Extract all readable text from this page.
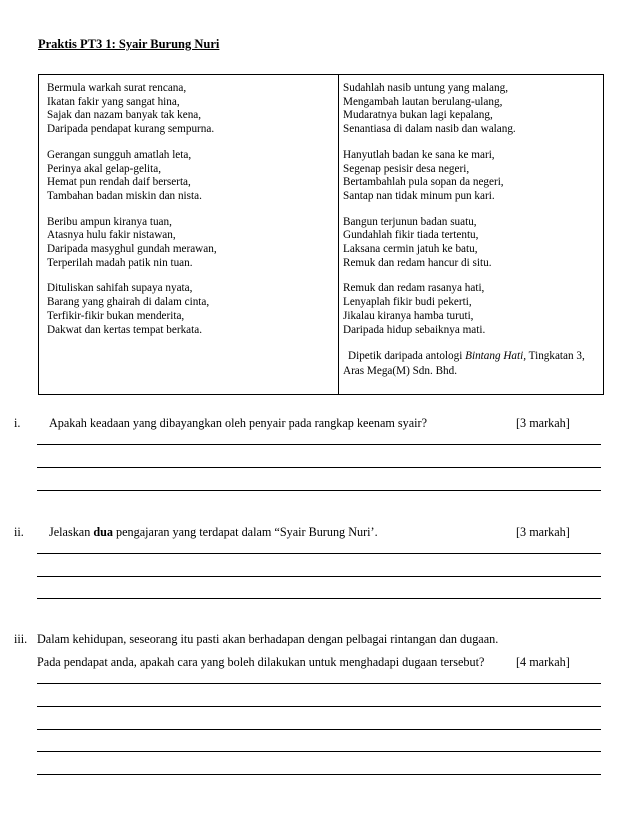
Praktis PT3 1: Syair Burung Nuri
Bermula warkah surat rencana,
Ikatan fakir yang sangat hina,
Sajak dan nazam banyak tak kena,
Daripada pendapat kurang sempurna.
Gerangan sungguh amatlah leta,
Perinya akal gelap-gelita,
Hemat pun rendah daif berserta,
Tambahan badan miskin dan nista.
Beribu ampun kiranya tuan,
Atasnya hulu fakir nistawan,
Daripada masyghul gundah merawan,
Terperilah madah patik nin tuan.
Dituliskan sahifah supaya nyata,
Barang yang ghairah di dalam cinta,
Terfikir-fikir bukan menderita,
Dakwat dan kertas tempat berkata.
Sudahlah nasib untung yang malang,
Mengambah lautan berulang-ulang,
Mudaratnya bukan lagi kepalang,
Senantiasa di dalam nasib dan walang.
Hanyutlah badan ke sana ke mari,
Segenap pesisir desa negeri,
Bertambahlah pula sopan da negeri,
Santap nan tidak minum pun kari.
Bangun terjunun badan suatu,
Gundahlah fikir tiada tertentu,
Laksana cermin jatuh ke batu,
Remuk dan redam hancur di situ.
Remuk dan redam rasanya hati,
Lenyaplah fikir budi pekerti,
Jikalau kiranya hamba turuti,
Daripada hidup sebaiknya mati.
Dipetik daripada antologi Bintang Hati, Tingkatan 3,
Aras Mega(M) Sdn. Bhd.
i. Apakah keadaan yang dibayangkan oleh penyair pada rangkap keenam syair?	[3 markah]
ii. Jelaskan dua pengajaran yang terdapat dalam “Syair Burung Nuri’.	[3 markah]
iii. Dalam kehidupan, seseorang itu pasti akan berhadapan dengan pelbagai rintangan dan dugaan.
Pada pendapat anda, apakah cara yang boleh dilakukan untuk menghadapi dugaan tersebut?	[4 markah]
